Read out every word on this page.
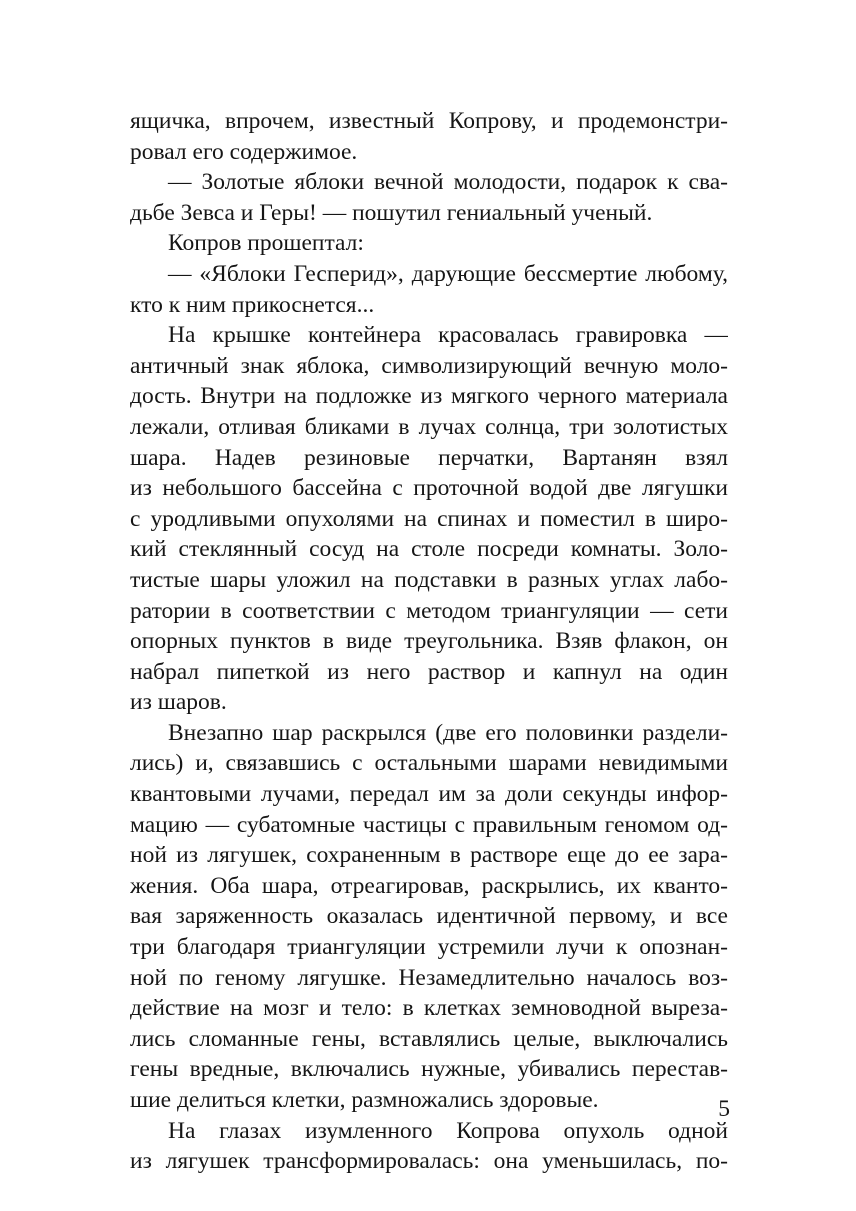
ящичка, впрочем, известный Копрову, и продемонстри-
ровал его содержимое.
— Золотые яблоки вечной молодости, подарок к сва-
дьбе Зевса и Геры! — пошутил гениальный ученый.
Копров прошептал:
— «Яблоки Гесперид», дарующие бессмертие любому,
кто к ним прикоснется...
На крышке контейнера красовалась гравировка —
античный знак яблока, символизирующий вечную моло-
дость. Внутри на подложке из мягкого черного материала
лежали, отливая бликами в лучах солнца, три золотистых
шара. Надев резиновые перчатки, Вартанян взял
из небольшого бассейна с проточной водой две лягушки
с уродливыми опухолями на спинах и поместил в широ-
кий стеклянный сосуд на столе посреди комнаты. Золо-
тистые шары уложил на подставки в разных углах лабо-
ратории в соответствии с методом триангуляции — сети
опорных пунктов в виде треугольника. Взяв флакон, он
набрал пипеткой из него раствор и капнул на один
из шаров.
Внезапно шар раскрылся (две его половинки раздели-
лись) и, связавшись с остальными шарами невидимыми
квантовыми лучами, передал им за доли секунды инфор-
мацию — субатомные частицы с правильным геномом од-
ной из лягушек, сохраненным в растворе еще до ее зара-
жения. Оба шара, отреагировав, раскрылись, их кванто-
вая заряженность оказалась идентичной первому, и все
три благодаря триангуляции устремили лучи к опознан-
ной по геному лягушке. Незамедлительно началось воз-
действие на мозг и тело: в клетках земноводной выреза-
лись сломанные гены, вставлялись целые, выключались
гены вредные, включались нужные, убивались перестав-
шие делиться клетки, размножались здоровые.
На глазах изумленного Копрова опухоль одной
из лягушек трансформировалась: она уменьшилась, по-
5
